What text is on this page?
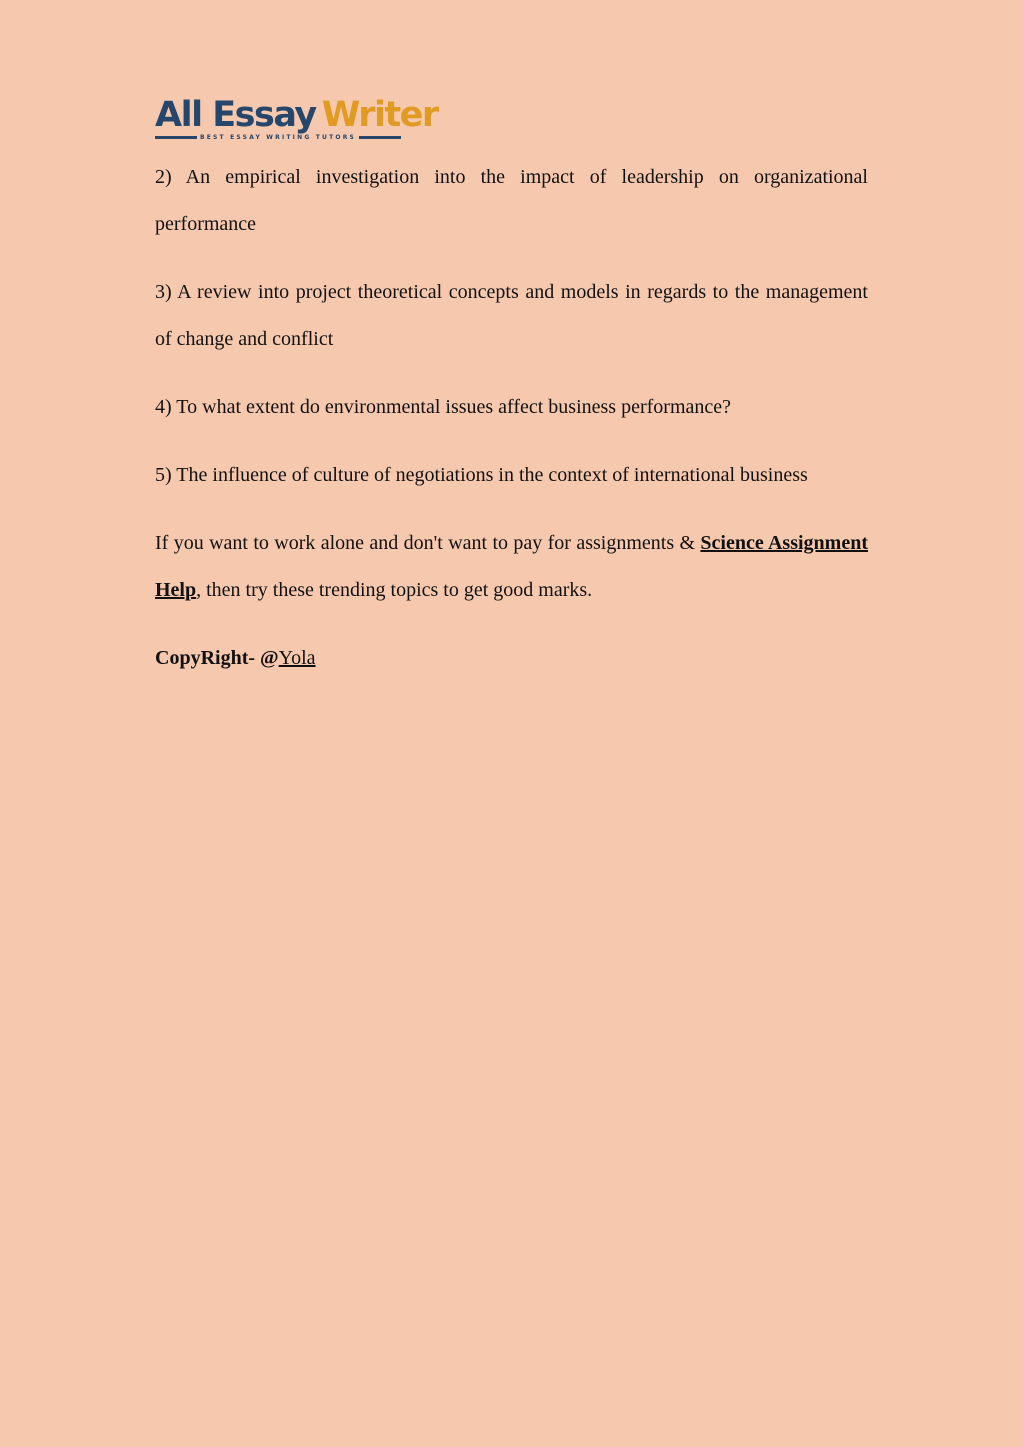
All Essay Writer
BEST ESSAY WRITING TUTORS

2) An empirical investigation into the impact of leadership on organizational performance

3) A review into project theoretical concepts and models in regards to the management of change and conflict

4) To what extent do environmental issues affect business performance?

5) The influence of culture of negotiations in the context of international business

If you want to work alone and don't want to pay for assignments & Science Assignment Help, then try these trending topics to get good marks.

CopyRight- @Yola
